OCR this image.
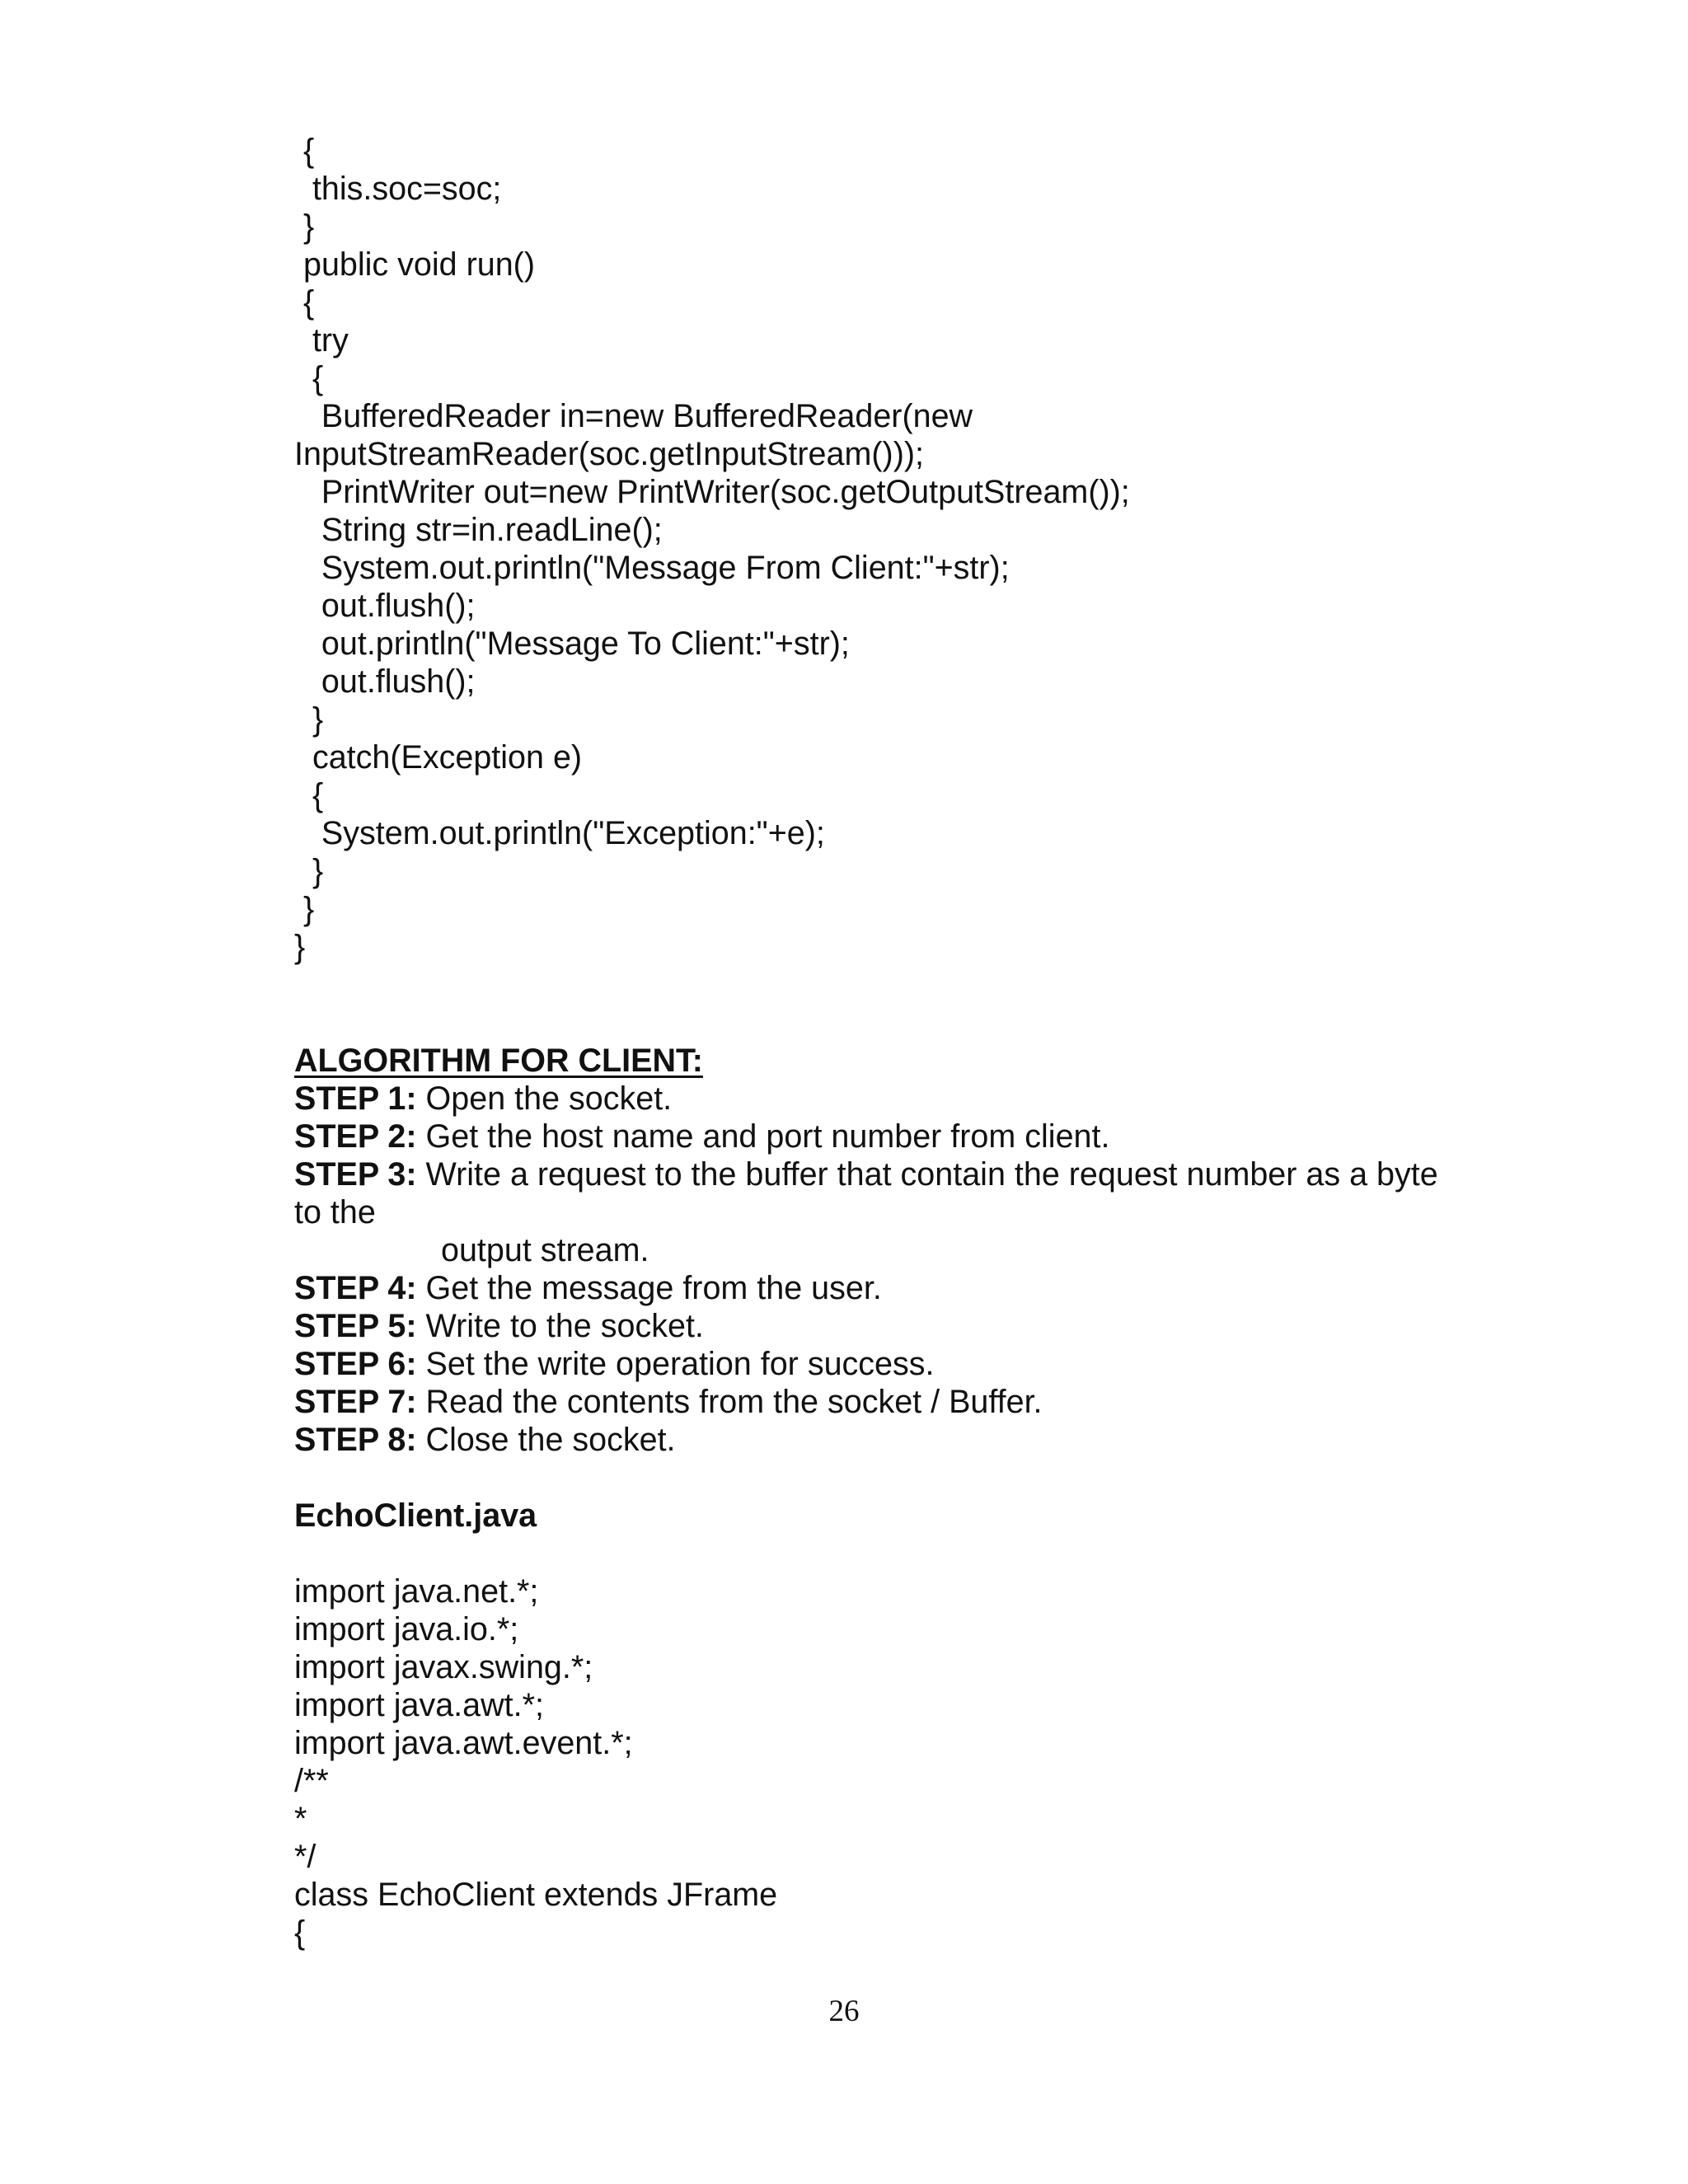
{
this.soc=soc;
}
public void run()
{
try
{
BufferedReader in=new BufferedReader(new
InputStreamReader(soc.getInputStream()));
PrintWriter out=new PrintWriter(soc.getOutputStream());
String str=in.readLine();
System.out.println("Message From Client:"+str);
out.flush();
out.println("Message To Client:"+str);
out.flush();
}
catch(Exception e)
{
System.out.println("Exception:"+e);
}
}
}
ALGORITHM FOR CLIENT:
STEP 1: Open the socket.
STEP 2: Get the host name and port number from client.
STEP 3: Write a request to the buffer that contain the request number as a byte
to the
output stream.
STEP 4: Get the message from the user.
STEP 5: Write to the socket.
STEP 6: Set the write operation for success.
STEP 7: Read the contents from the socket / Buffer.
STEP 8: Close the socket.
EchoClient.java
import java.net.*;
import java.io.*;
import javax.swing.*;
import java.awt.*;
import java.awt.event.*;
/**
*
*/
class EchoClient extends JFrame
{
26
